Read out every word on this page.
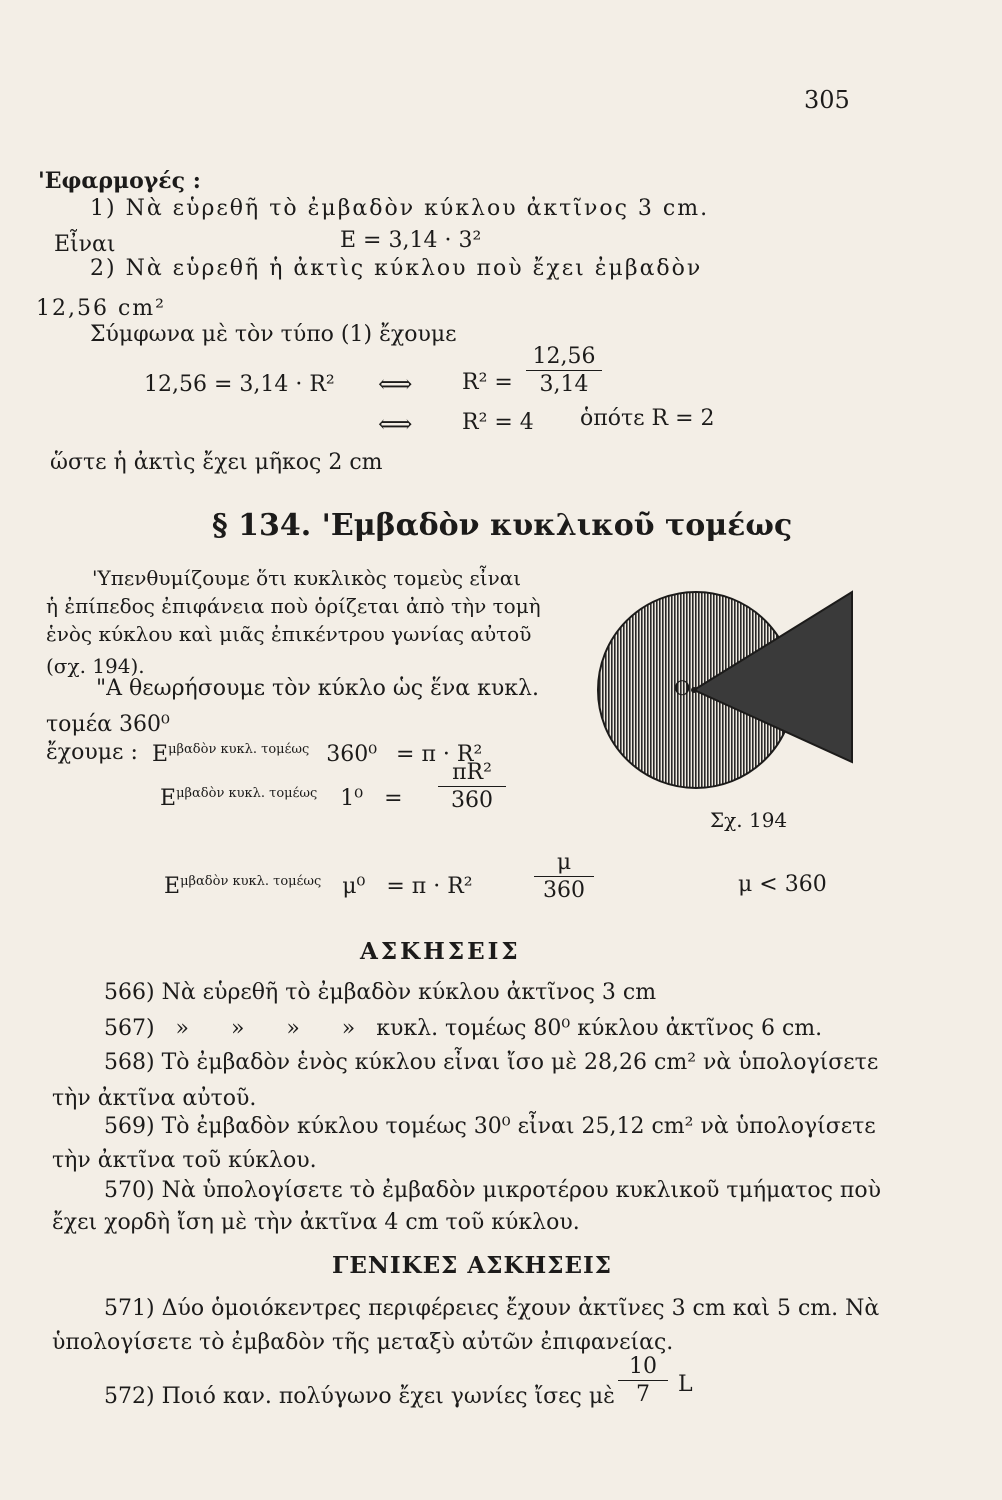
305
'Εφαρμογές :
1) Νὰ εὑρεθῆ τὸ ἐμβαδὸν κύκλου ἀκτῖνος 3 cm.
Εἶναι	E = 3,14 · 3²
2) Νὰ εὑρεθῆ ἡ ἀκτὶς κύκλου ποὺ ἔχει ἐμβαδὸν
12,56 cm²
Σύμφωνα μὲ τὸν τύπο (1) ἔχουμε
12,56 = 3,14 · R² ⟺ $R^2 = \frac{12,56}{3,14}$
⟺ R² = 4 ὁπότε R = 2
ὥστε ἡ ἀκτὶς ἔχει μῆκος 2 cm
§ 134. 'Εμβαδὸν κυκλικοῦ τομέως
'Υπενθυμίζουμε ὅτι κυκλικὸς τομεὺς εἶναι
ἡ ἐπίπεδος ἐπιφάνεια ποὺ ὁρίζεται ἀπὸ τὴν τομὴ
ἑνὸς κύκλου καὶ μιᾶς ἐπικέντρου γωνίας αὐτοῦ
(σχ. 194).
"Α θεωρήσουμε τὸν κύκλο ὡς ἕνα κυκλ.
τομέα 360⁰
ἔχουμε : $E^{\mu\beta\alpha\delta ὸ\nu \kappa\upsilon\kappa\lambda. \tau o\mu έ\omega\varsigma}$ 360⁰ = π · R²
$E^{\mu\beta\alpha\delta ὸ\nu \kappa\upsilon\kappa\lambda. \tau o\mu έ\omega\varsigma}$ $1^0 = \frac{\text{πR²}}{360}$
$E^{\mu\beta\alpha\delta ὸ\nu \kappa\upsilon\kappa\lambda. \tau o\mu έ\omega\varsigma}$ μ⁰ = π · R²	$\frac{\mu}{360}$	μ < 360
O
Σχ. 194
ΑΣΚΗΣΕΙΣ
566) Νὰ εὑρεθῆ τὸ ἐμβαδὸν κύκλου ἀκτῖνος 3 cm
567)   »      »      »      »   κυκλ. τομέως 80⁰ κύκλου ἀκτῖνος 6 cm.
568) Τὸ ἐμβαδὸν ἑνὸς κύκλου εἶναι ἴσο μὲ 28,26 cm² νὰ ὑπολογίσετε
τὴν ἀκτῖνα αὐτοῦ.
569) Τὸ ἐμβαδὸν κύκλου τομέως 30⁰ εἶναι 25,12 cm² νὰ ὑπολογίσετε
τὴν ἀκτῖνα τοῦ κύκλου.
570) Νὰ ὑπολογίσετε τὸ ἐμβαδὸν μικροτέρου κυκλικοῦ τμήματος ποὺ
ἔχει χορδὴ ἴση μὲ τὴν ἀκτῖνα 4 cm τοῦ κύκλου.
ΓΕΝΙΚΕΣ ΑΣΚΗΣΕΙΣ
571) Δύο ὁμοιόκεντρες περιφέρειες ἔχουν ἀκτῖνες 3 cm καὶ 5 cm. Νὰ
ὑπολογίσετε τὸ ἐμβαδὸν τῆς μεταξὺ αὐτῶν ἐπιφανείας.
572) Ποιό καν. πολύγωνο ἔχει γωνίες ἴσες μὲ $\frac{10}{7}$ L
